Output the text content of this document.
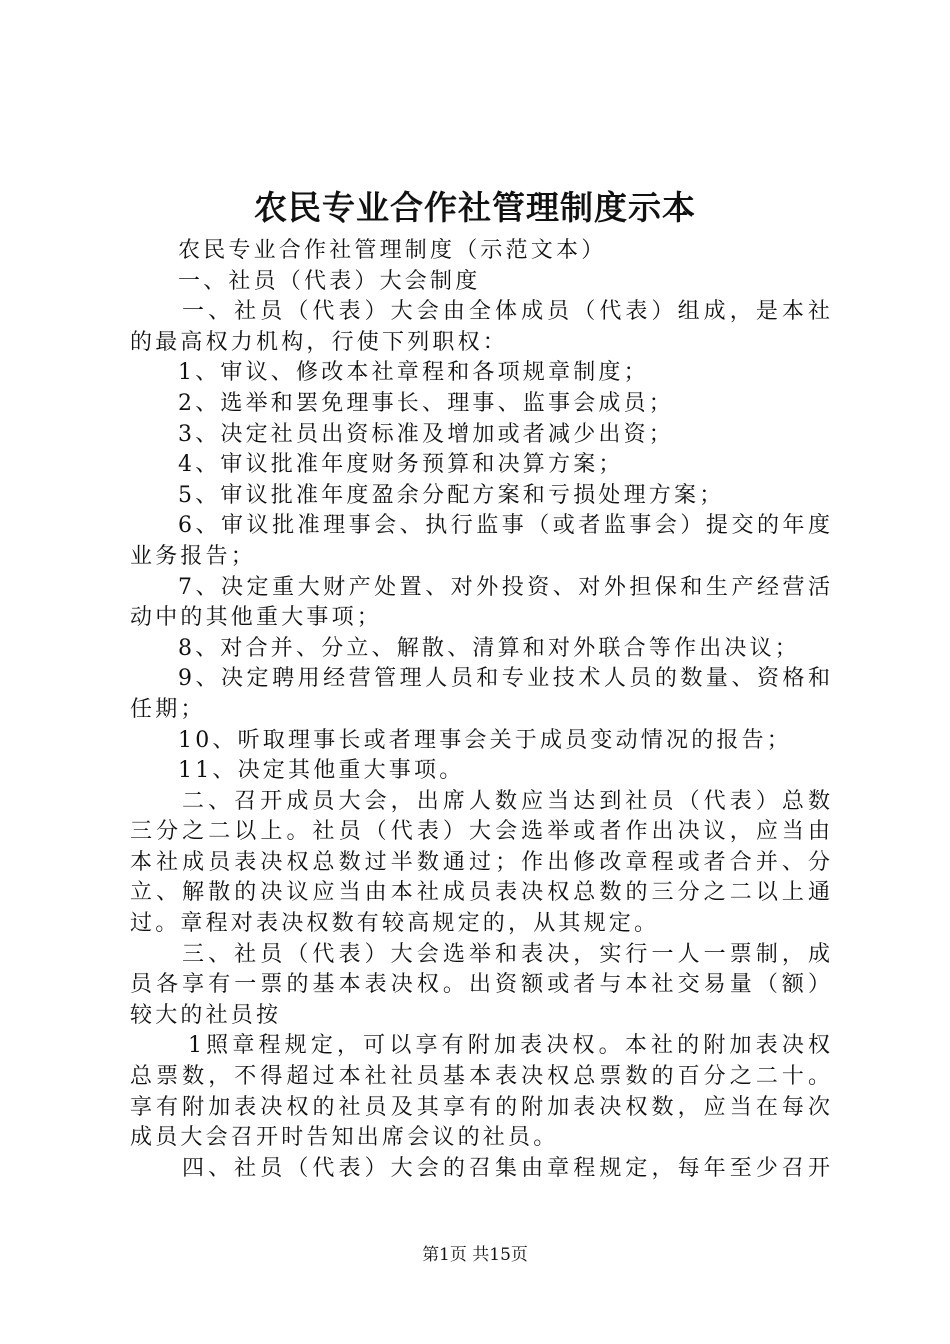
农民专业合作社管理制度示本
农民专业合作社管理制度（示范文本）
一、社员（代表）大会制度
一、社员（代表）大会由全体成员（代表）组成，是本社
的最高权力机构，行使下列职权：
1、审议、修改本社章程和各项规章制度；
2、选举和罢免理事长、理事、监事会成员；
3、决定社员出资标准及增加或者减少出资；
4、审议批准年度财务预算和决算方案；
5、审议批准年度盈余分配方案和亏损处理方案；
6、审议批准理事会、执行监事（或者监事会）提交的年度
业务报告；
7、决定重大财产处置、对外投资、对外担保和生产经营活
动中的其他重大事项；
8、对合并、分立、解散、清算和对外联合等作出决议；
9、决定聘用经营管理人员和专业技术人员的数量、资格和
任期；
10、听取理事长或者理事会关于成员变动情况的报告；
11、决定其他重大事项。
二、召开成员大会，出席人数应当达到社员（代表）总数
三分之二以上。社员（代表）大会选举或者作出决议，应当由
本社成员表决权总数过半数通过；作出修改章程或者合并、分
立、解散的决议应当由本社成员表决权总数的三分之二以上通
过。章程对表决权数有较高规定的，从其规定。
三、社员（代表）大会选举和表决，实行一人一票制，成
员各享有一票的基本表决权。出资额或者与本社交易量（额）
较大的社员按
1照章程规定，可以享有附加表决权。本社的附加表决权
总票数，不得超过本社社员基本表决权总票数的百分之二十。
享有附加表决权的社员及其享有的附加表决权数，应当在每次
成员大会召开时告知出席会议的社员。
四、社员（代表）大会的召集由章程规定，每年至少召开
第1页 共15页
